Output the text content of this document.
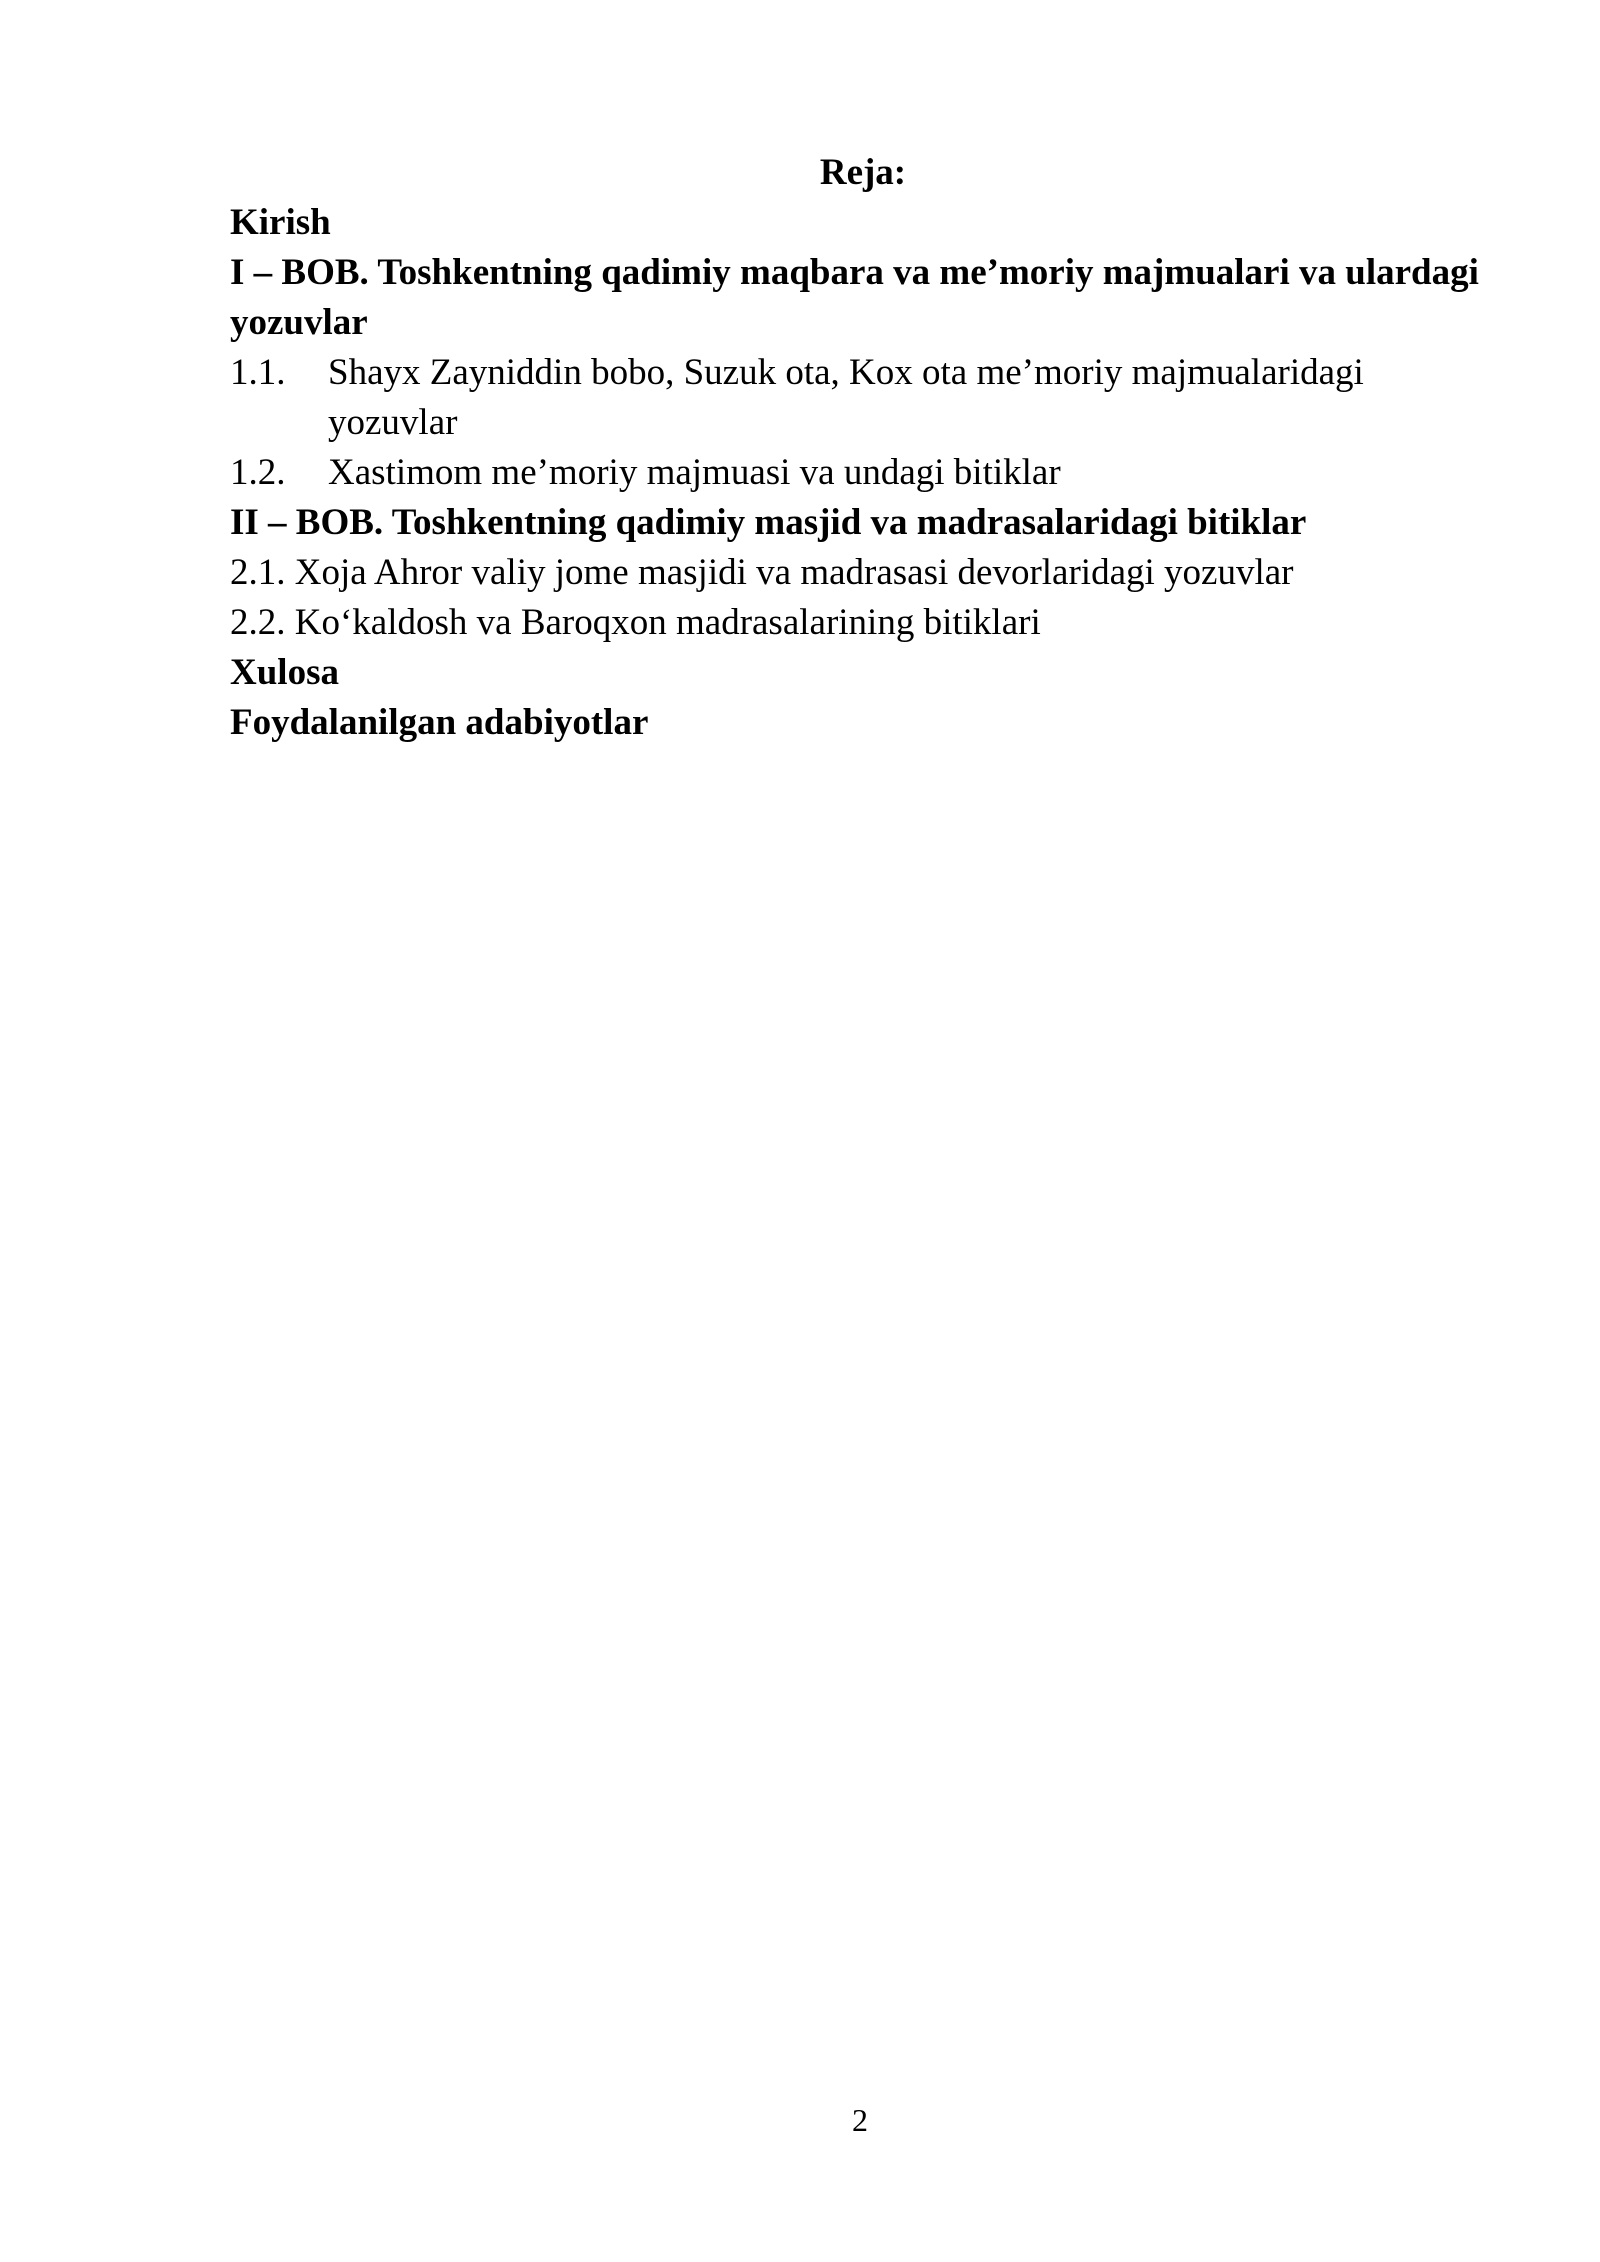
Reja:

Kirish

I – BOB. Toshkentning qadimiy maqbara va me’moriy majmualari va ulardagi yozuvlar

1.1.	Shayx Zayniddin bobo, Suzuk ota, Kox ota me’moriy majmualaridagi yozuvlar
1.2.	Xastimom me’moriy majmuasi va undagi bitiklar

II – BOB. Toshkentning qadimiy masjid va madrasalaridagi bitiklar

2.1. Xoja Ahror valiy jome masjidi va madrasasi devorlaridagi yozuvlar

2.2. Ko‘kaldosh va Baroqxon madrasalarining bitiklari

Xulosa

Foydalanilgan adabiyotlar

2
